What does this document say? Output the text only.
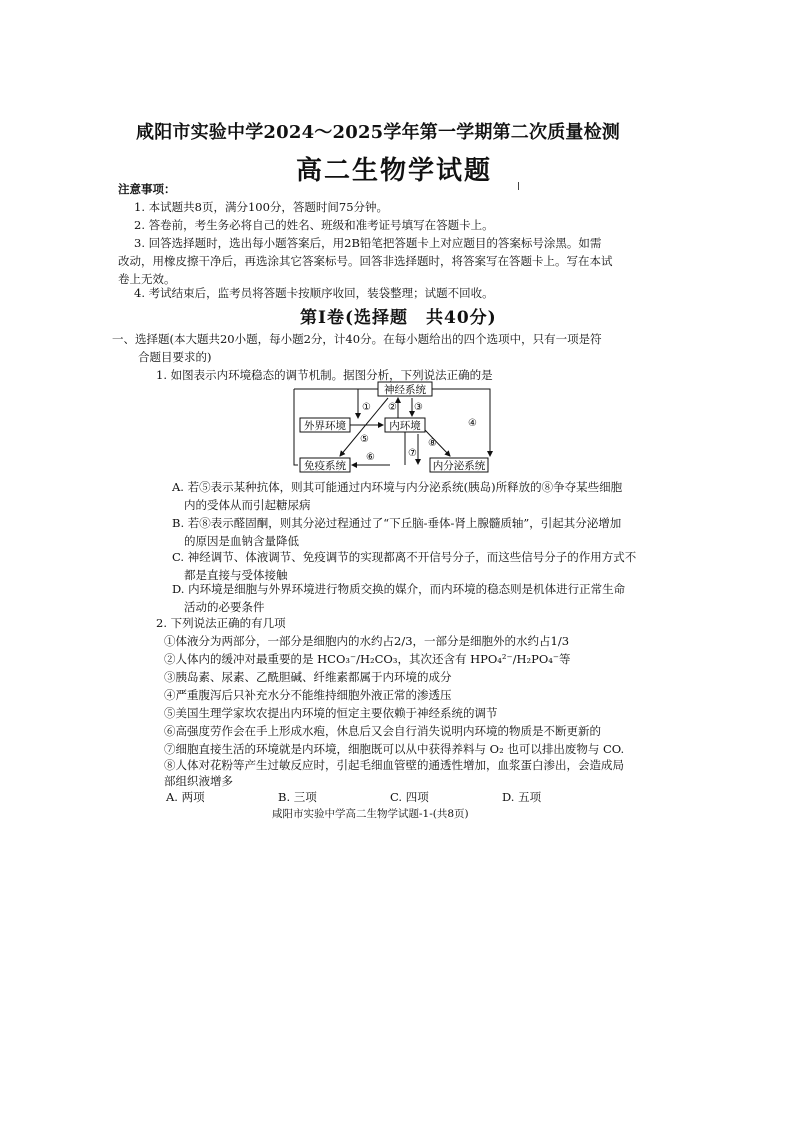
咸阳市实验中学2024～2025学年第一学期第二次质量检测
高二生物学试题
注意事项：
1. 本试题共8页，满分100分，答题时间75分钟。
2. 答卷前，考生务必将自己的姓名、班级和准考证号填写在答题卡上。
3. 回答选择题时，选出每小题答案后，用2B铅笔把答题卡上对应题目的答案标号涂黑。如需
改动，用橡皮擦干净后，再选涂其它答案标号。回答非选择题时，将答案写在答题卡上。写在本试
卷上无效。
4. 考试结束后，监考员将答题卡按顺序收回，装袋整理；试题不回收。
第Ⅰ卷(选择题　共40分)
一、选择题(本大题共20小题，每小题2分，计40分。在每小题给出的四个选项中，只有一项是符
合题目要求的)
1. 如图表示内环境稳态的调节机制。据图分析，下列说法正确的是
神经系统
外界环境	内环境
免疫系统	内分泌系统
① ② ③
④
⑤
⑥	⑦
⑧
A. 若⑤表示某种抗体，则其可能通过内环境与内分泌系统(胰岛)所释放的⑧争夺某些细胞
内的受体从而引起糖尿病
B. 若⑧表示醛固酮，则其分泌过程通过了“下丘脑-垂体-肾上腺髓质轴”，引起其分泌增加
的原因是血钠含量降低
C. 神经调节、体液调节、免疫调节的实现都离不开信号分子，而这些信号分子的作用方式不
都是直接与受体接触
D. 内环境是细胞与外界环境进行物质交换的媒介，而内环境的稳态则是机体进行正常生命
活动的必要条件
2. 下列说法正确的有几项
①体液分为两部分，一部分是细胞内的水约占2/3，一部分是细胞外的水约占1/3
②人体内的缓冲对最重要的是 HCO₃⁻/H₂CO₃，其次还含有 HPO₄²⁻/H₂PO₄⁻等
③胰岛素、尿素、乙酰胆碱、纤维素都属于内环境的成分
④严重腹泻后只补充水分不能维持细胞外液正常的渗透压
⑤美国生理学家坎农提出内环境的恒定主要依赖于神经系统的调节
⑥高强度劳作会在手上形成水疱，休息后又会自行消失说明内环境的物质是不断更新的
⑦细胞直接生活的环境就是内环境，细胞既可以从中获得养料与 O₂ 也可以排出废物与 CO.
⑧人体对花粉等产生过敏反应时，引起毛细血管壁的通透性增加，血浆蛋白渗出，会造成局
部组织液增多
A. 两项	B. 三项	C. 四项	D. 五项
咸阳市实验中学高二生物学试题-1-(共8页)
